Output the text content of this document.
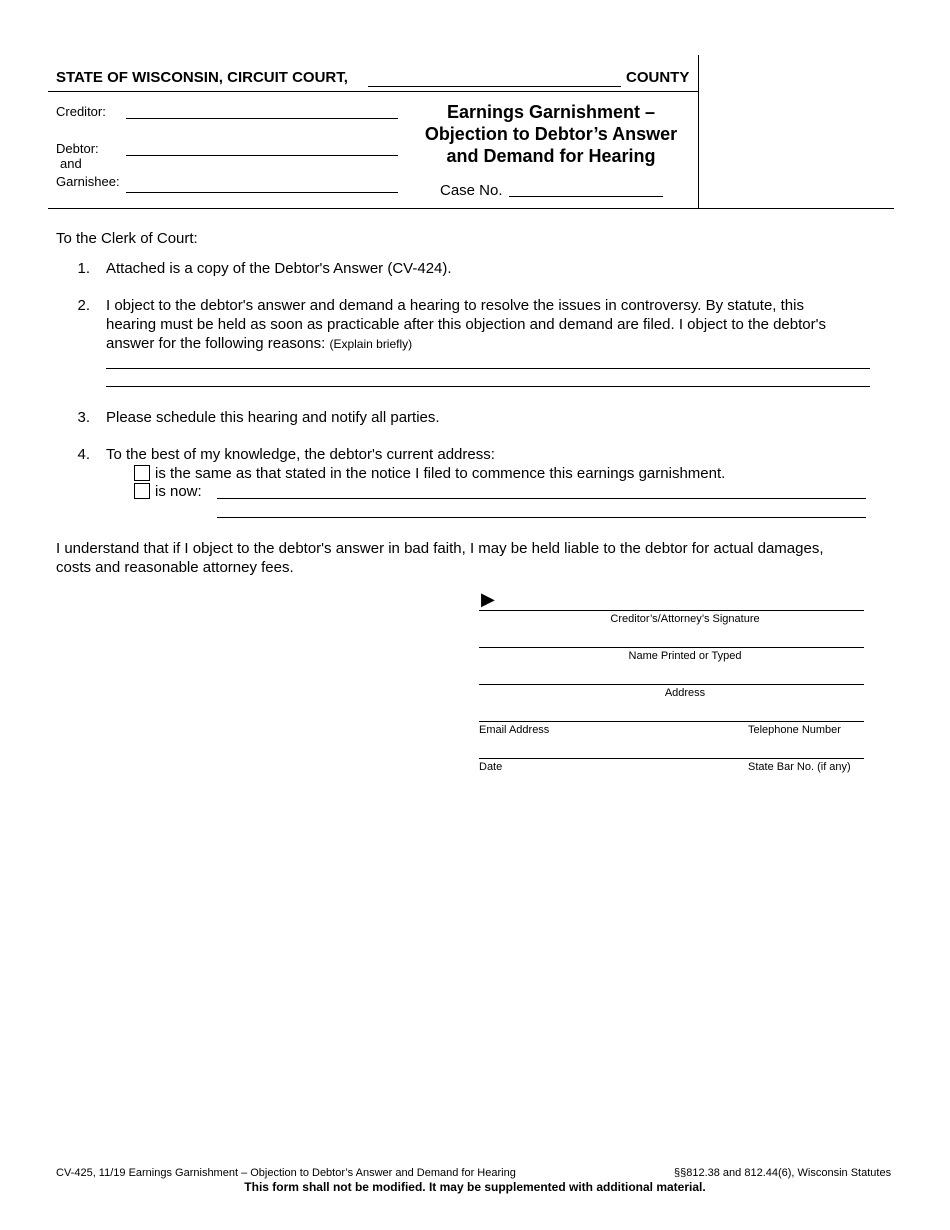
STATE OF WISCONSIN, CIRCUIT COURT,	COUNTY
Creditor:
Debtor:
and
Garnishee:
Earnings Garnishment –
Objection to Debtor’s Answer
and Demand for Hearing
Case No.
To the Clerk of Court:
1. Attached is a copy of the Debtor's Answer (CV-424).
2. I object to the debtor's answer and demand a hearing to resolve the issues in controversy. By statute, this
hearing must be held as soon as practicable after this objection and demand are filed. I object to the debtor's
answer for the following reasons: (Explain briefly)
3. Please schedule this hearing and notify all parties.
4. To the best of my knowledge, the debtor's current address:
is the same as that stated in the notice I filed to commence this earnings garnishment.
is now:
I understand that if I object to the debtor's answer in bad faith, I may be held liable to the debtor for actual damages,
costs and reasonable attorney fees.
▶
Creditor’s/Attorney’s Signature
Name Printed or Typed
Address
Email Address	Telephone Number
Date	State Bar No. (if any)
CV-425, 11/19 Earnings Garnishment – Objection to Debtor’s Answer and Demand for Hearing	§§812.38 and 812.44(6), Wisconsin Statutes
This form shall not be modified. It may be supplemented with additional material.
